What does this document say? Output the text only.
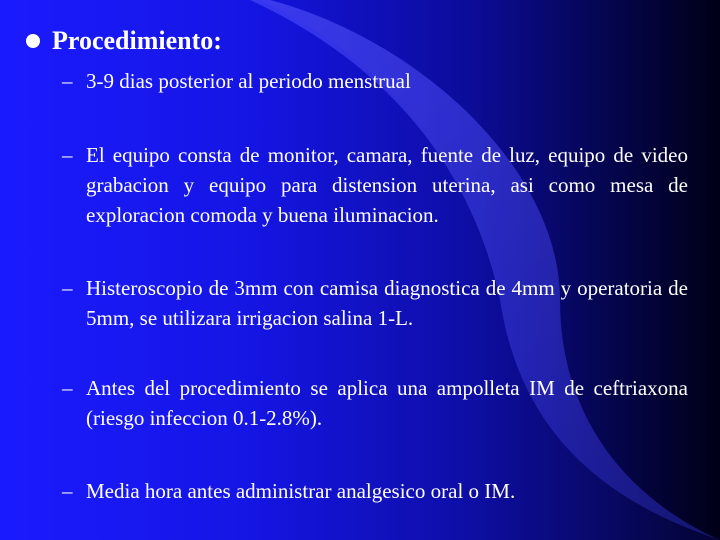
Procedimiento:
– 3-9 dias posterior al periodo menstrual
– El equipo consta de monitor, camara, fuente de luz, equipo de video grabacion y equipo para distension uterina, asi como mesa de exploracion comoda y buena iluminacion.
– Histeroscopio de 3mm con camisa diagnostica de 4mm y operatoria de 5mm, se utilizara irrigacion salina 1-L.
– Antes del procedimiento se aplica una ampolleta IM de ceftriaxona (riesgo infeccion 0.1-2.8%).
– Media hora antes administrar analgesico oral o IM.
